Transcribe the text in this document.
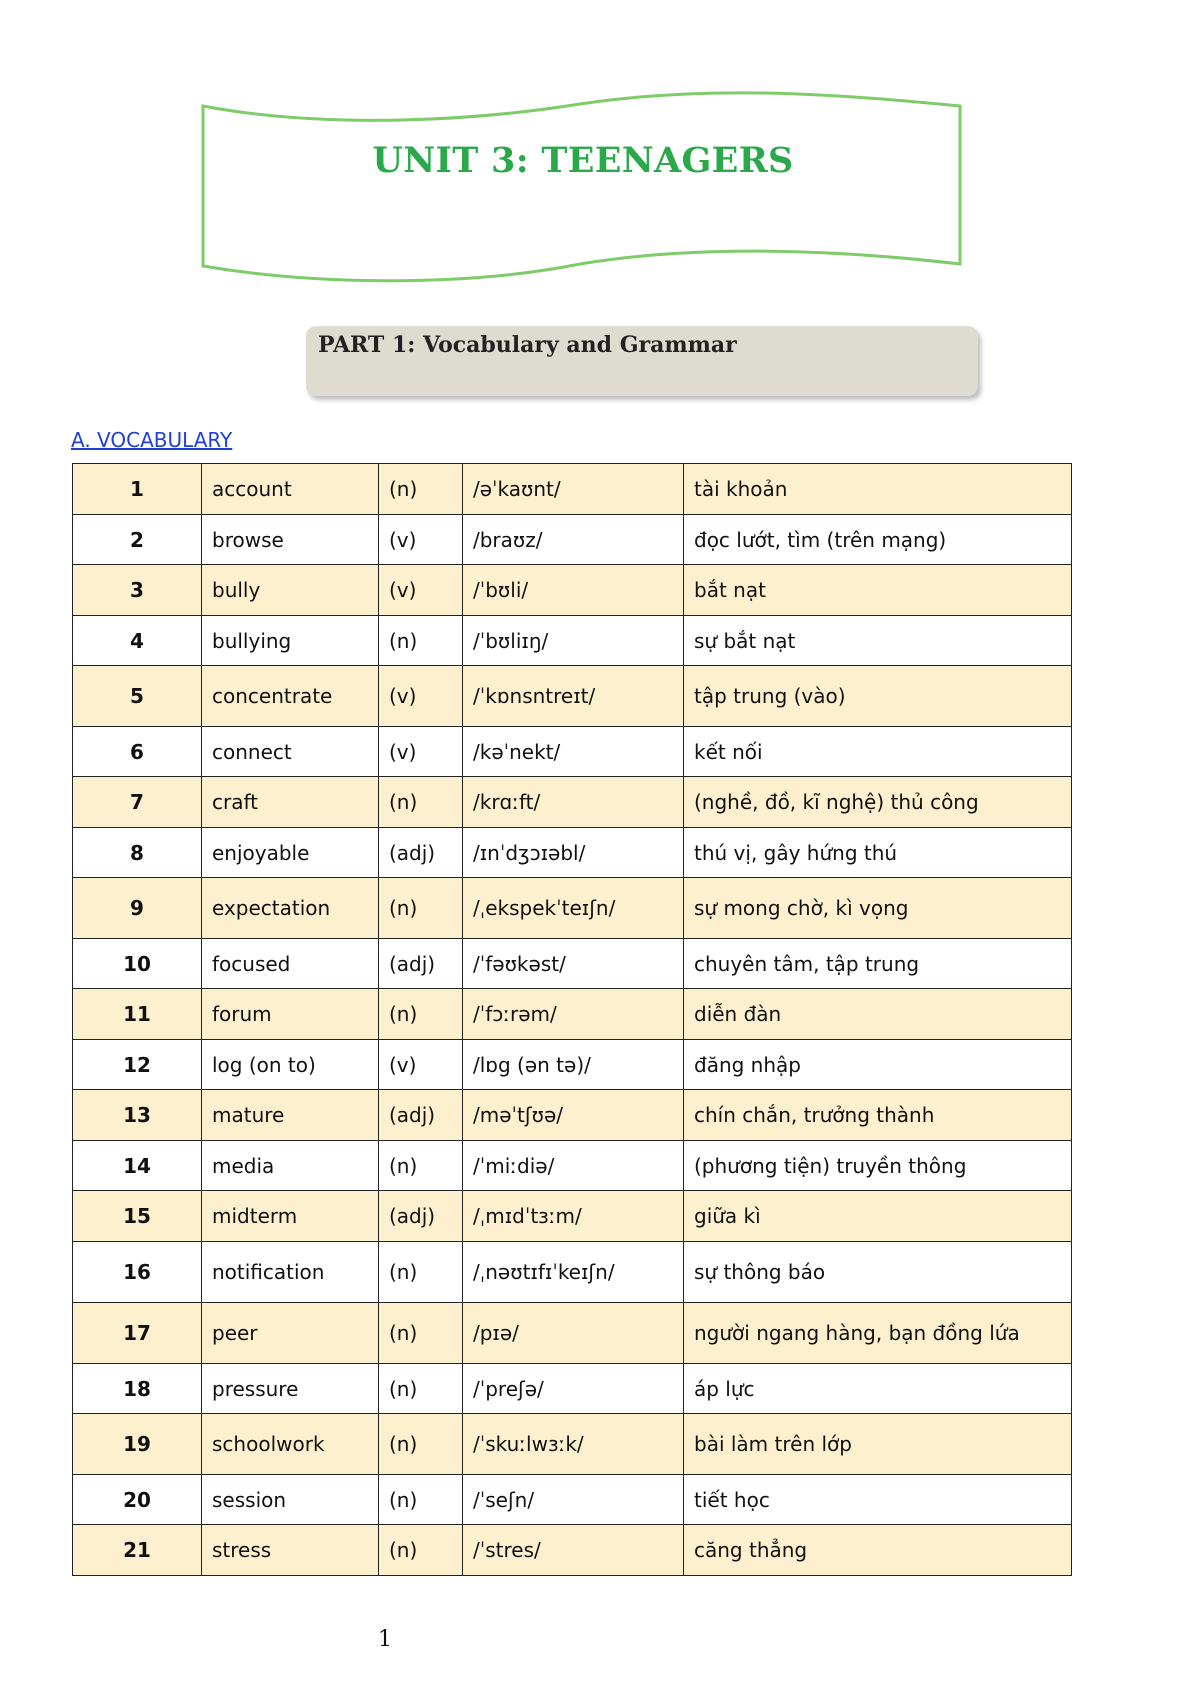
UNIT 3: TEENAGERS
PART 1: Vocabulary and Grammar
A. VOCABULARY
1	account	(n)	/əˈkaʊnt/	tài khoản
2	browse	(v)	/braʊz/	đọc lướt, tìm (trên mạng)
3	bully	(v)	/ˈbʊli/	bắt nạt
4	bullying	(n)	/ˈbʊliɪŋ/	sự bắt nạt
5	concentrate	(v)	/ˈkɒnsntreɪt/	tập trung (vào)
6	connect	(v)	/kəˈnekt/	kết nối
7	craft	(n)	/krɑːft/	(nghề, đồ, kĩ nghệ) thủ công
8	enjoyable	(adj)	/ɪnˈdʒɔɪəbl/	thú vị, gây hứng thú
9	expectation	(n)	/ˌekspekˈteɪʃn/	sự mong chờ, kì vọng
10	focused	(adj)	/ˈfəʊkəst/	chuyên tâm, tập trung
11	forum	(n)	/ˈfɔːrəm/	diễn đàn
12	log (on to)	(v)	/lɒg (ən tə)/	đăng nhập
13	mature	(adj)	/məˈtʃʊə/	chín chắn, trưởng thành
14	media	(n)	/ˈmiːdiə/	(phương tiện) truyền thông
15	midterm	(adj)	/ˌmɪdˈtɜːm/	giữa kì
16	notification	(n)	/ˌnəʊtɪfɪˈkeɪʃn/	sự thông báo
17	peer	(n)	/pɪə/	người ngang hàng, bạn đồng lứa
18	pressure	(n)	/ˈpreʃə/	áp lực
19	schoolwork	(n)	/ˈskuːlwɜːk/	bài làm trên lớp
20	session	(n)	/ˈseʃn/	tiết học
21	stress	(n)	/ˈstres/	căng thẳng
1
